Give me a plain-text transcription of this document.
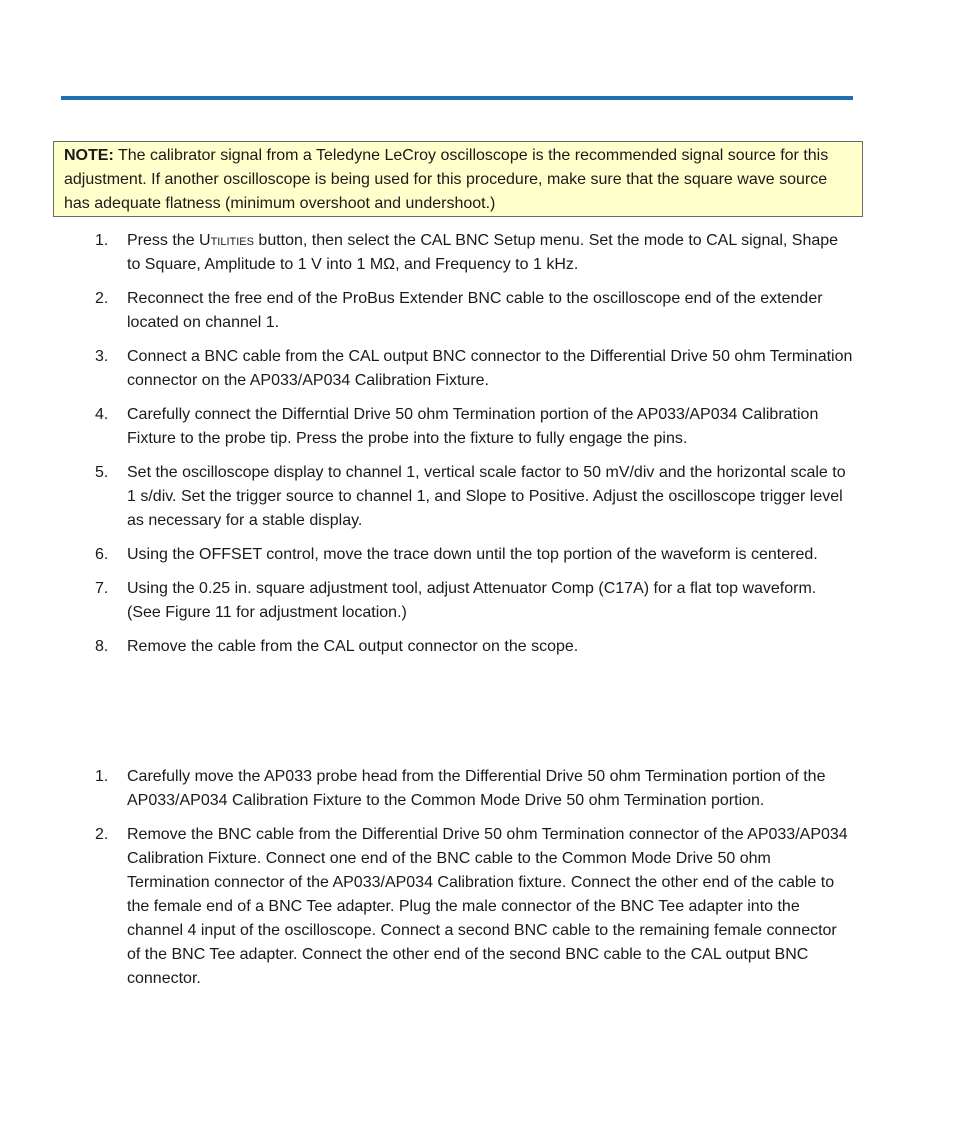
NOTE: The calibrator signal from a Teledyne LeCroy oscilloscope is the recommended signal source for this adjustment. If another oscilloscope is being used for this procedure, make sure that the square wave source has adequate flatness (minimum overshoot and undershoot.)
1. Press the Utilities button, then select the CAL BNC Setup menu. Set the mode to CAL signal, Shape to Square, Amplitude to 1 V into 1 MΩ, and Frequency to 1 kHz.
2. Reconnect the free end of the ProBus Extender BNC cable to the oscilloscope end of the extender located on channel 1.
3. Connect a BNC cable from the CAL output BNC connector to the Differential Drive 50 ohm Termination connector on the AP033/AP034 Calibration Fixture.
4. Carefully connect the Differntial Drive 50 ohm Termination portion of the AP033/AP034 Calibration Fixture to the probe tip. Press the probe into the fixture to fully engage the pins.
5. Set the oscilloscope display to channel 1, vertical scale factor to 50 mV/div and the horizontal scale to 1 s/div. Set the trigger source to channel 1, and Slope to Positive. Adjust the oscilloscope trigger level as necessary for a stable display.
6. Using the OFFSET control, move the trace down until the top portion of the waveform is centered.
7. Using the 0.25 in. square adjustment tool, adjust Attenuator Comp (C17A) for a flat top waveform. (See Figure 11 for adjustment location.)
8. Remove the cable from the CAL output connector on the scope.
1. Carefully move the AP033 probe head from the Differential Drive 50 ohm Termination portion of the AP033/AP034 Calibration Fixture to the Common Mode Drive 50 ohm Termination portion.
2. Remove the BNC cable from the Differential Drive 50 ohm Termination connector of the AP033/AP034 Calibration Fixture. Connect one end of the BNC cable to the Common Mode Drive 50 ohm Termination connector of the AP033/AP034 Calibration fixture. Connect the other end of the cable to the female end of a BNC Tee adapter. Plug the male connector of the BNC Tee adapter into the channel 4 input of the oscilloscope. Connect a second BNC cable to the remaining female connector of the BNC Tee adapter. Connect the other end of the second BNC cable to the CAL output BNC connector.
